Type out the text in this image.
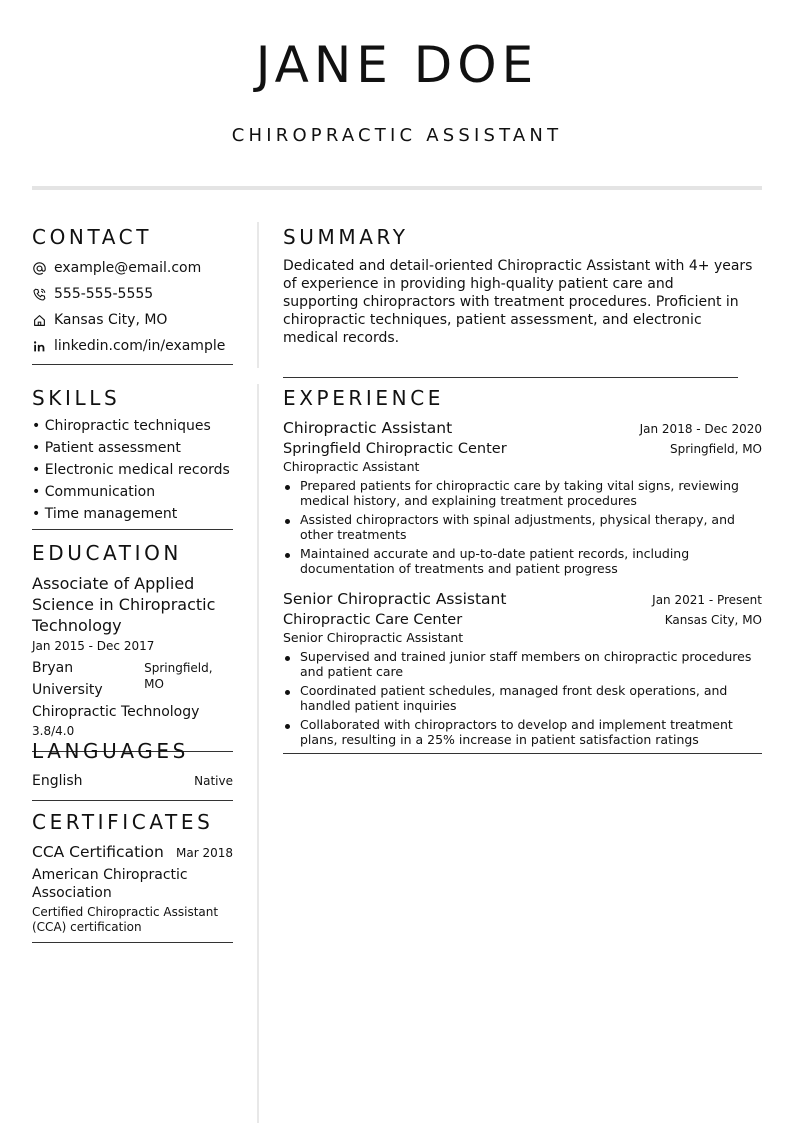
JANE DOE
CHIROPRACTIC ASSISTANT
CONTACT
example@email.com
555-555-5555
Kansas City, MO
linkedin.com/in/example
SKILLS
• Chiropractic techniques
• Patient assessment
• Electronic medical records
• Communication
• Time management
EDUCATION
Associate of Applied Science in Chiropractic Technology
Jan 2015 - Dec 2017
Bryan University
Springfield, MO
Chiropractic Technology
3.8/4.0
LANGUAGES
English	Native
CERTIFICATES
CCA Certification Mar 2018
American Chiropractic Association
Certified Chiropractic Assistant (CCA) certification
SUMMARY
Dedicated and detail-oriented Chiropractic Assistant with 4+ years of experience in providing high-quality patient care and supporting chiropractors with treatment procedures. Proficient in chiropractic techniques, patient assessment, and electronic medical records.
EXPERIENCE
Chiropractic Assistant	Jan 2018 - Dec 2020
Springfield Chiropractic Center	Springfield, MO
Chiropractic Assistant
Prepared patients for chiropractic care by taking vital signs, reviewing medical history, and explaining treatment procedures
Assisted chiropractors with spinal adjustments, physical therapy, and other treatments
Maintained accurate and up-to-date patient records, including documentation of treatments and patient progress
Senior Chiropractic Assistant	Jan 2021 - Present
Chiropractic Care Center	Kansas City, MO
Senior Chiropractic Assistant
Supervised and trained junior staff members on chiropractic procedures and patient care
Coordinated patient schedules, managed front desk operations, and handled patient inquiries
Collaborated with chiropractors to develop and implement treatment plans, resulting in a 25% increase in patient satisfaction ratings
